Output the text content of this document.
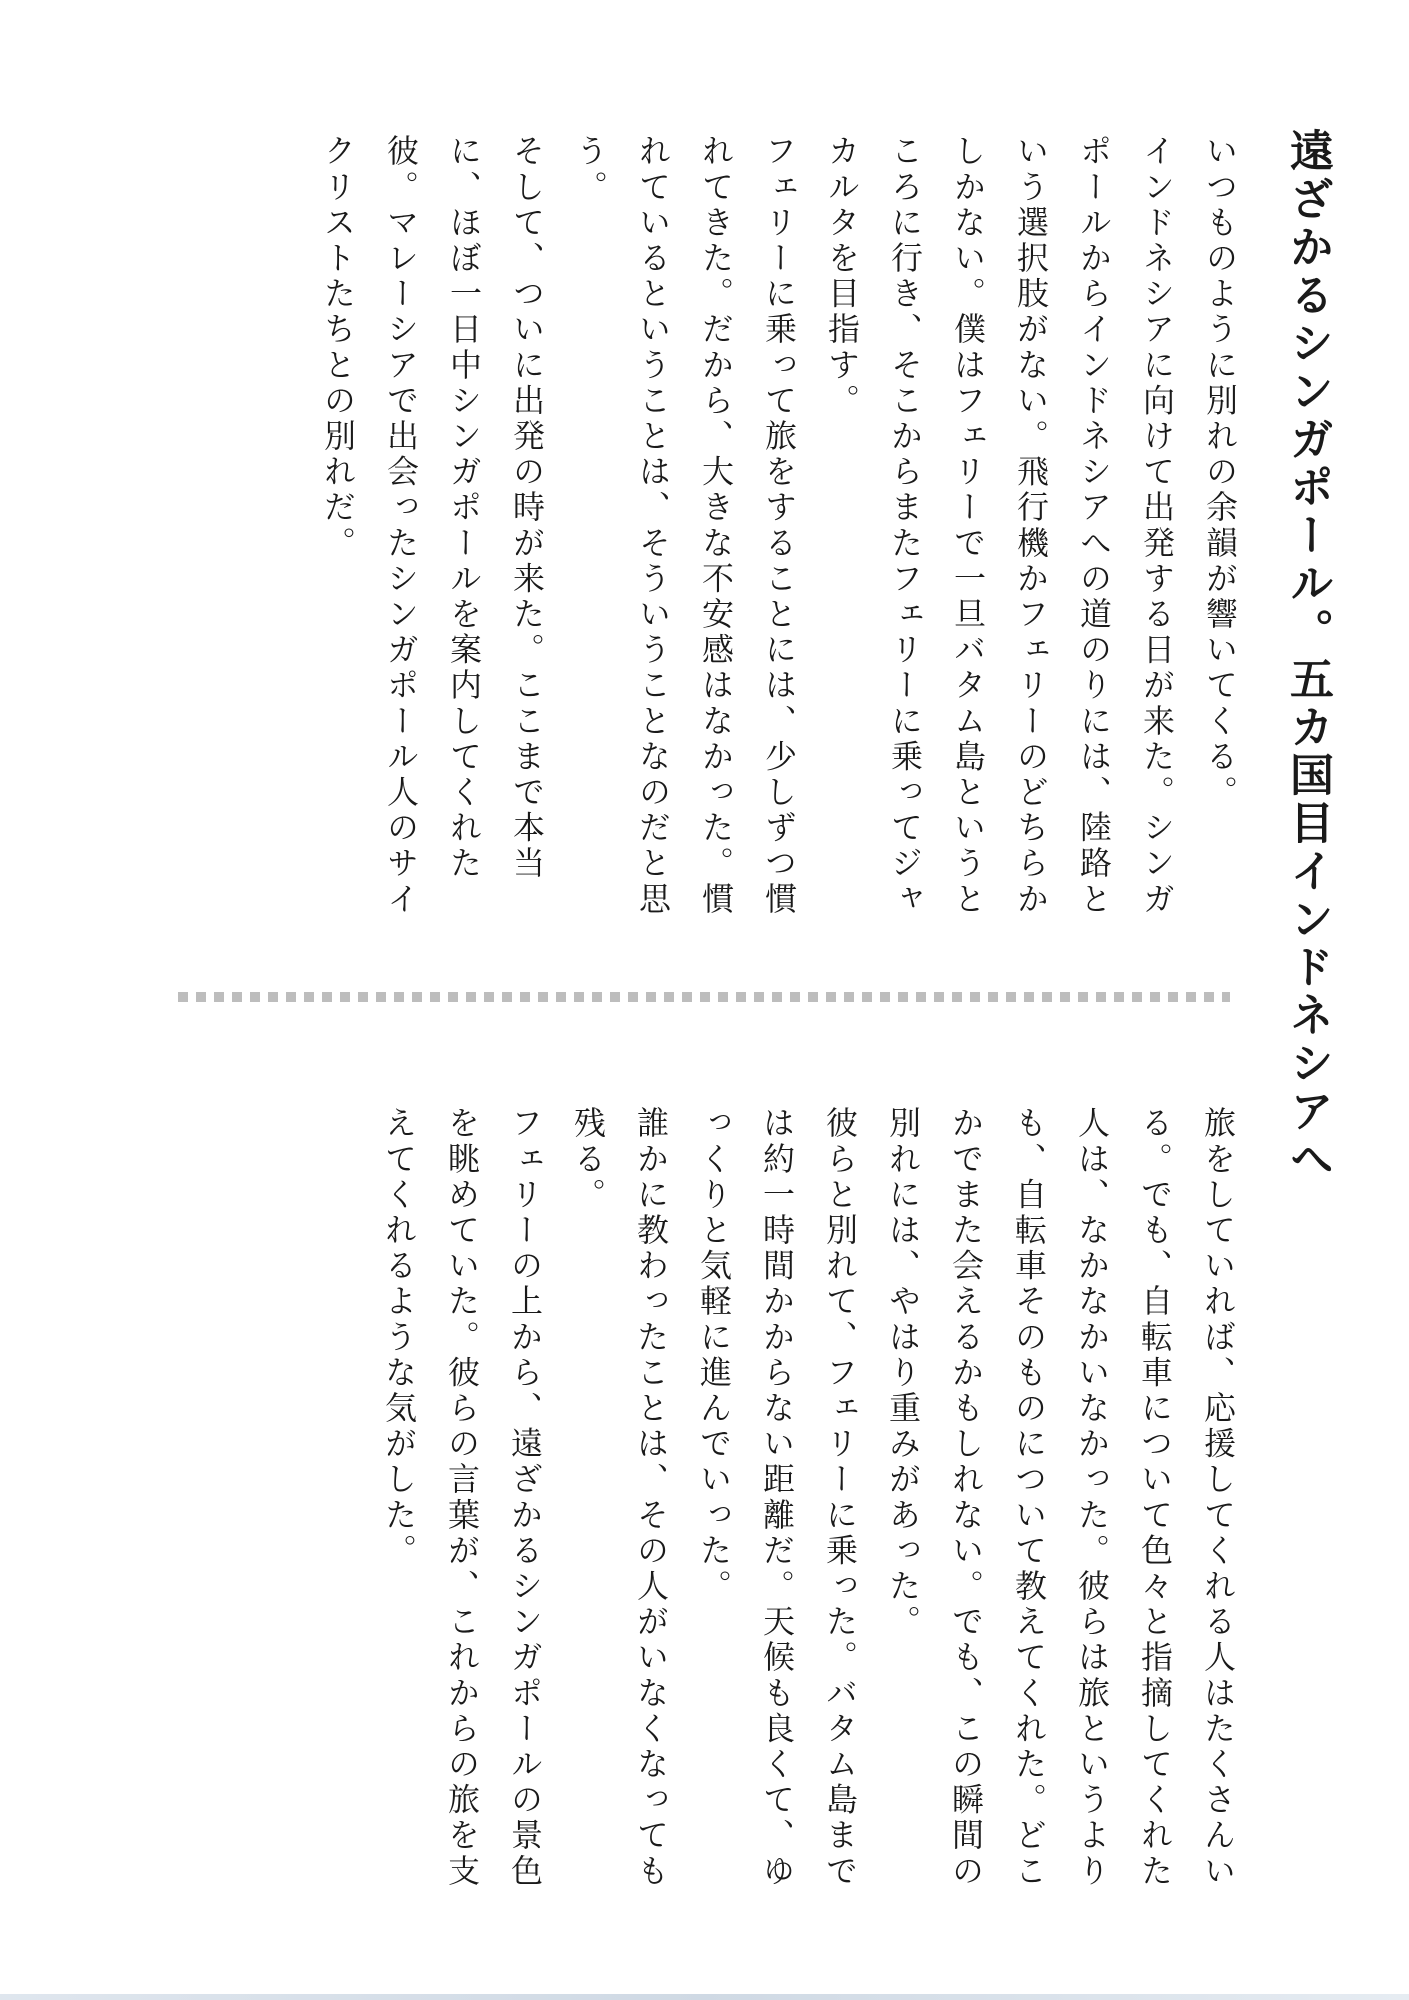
遠ざかるシンガポール。五カ国目インドネシアへ
いつものように別れの余韻が響いてくる。
インドネシアに向けて出発する日が来た。シンガ
ポールからインドネシアへの道のりには、陸路と
いう選択肢がない。飛行機かフェリーのどちらか
しかない。僕はフェリーで一旦バタム島というと
ころに行き、そこからまたフェリーに乗ってジャ
カルタを目指す。
フェリーに乗って旅をすることには、少しずつ慣
れてきた。だから、大きな不安感はなかった。慣
れているということは、そういうことなのだと思
う。
そして、ついに出発の時が来た。ここまで本当
に、ほぼ一日中シンガポールを案内してくれた
彼。マレーシアで出会ったシンガポール人のサイ
クリストたちとの別れだ。
旅をしていれば、応援してくれる人はたくさんい
る。でも、自転車について色々と指摘してくれた
人は、なかなかいなかった。彼らは旅というより
も、自転車そのものについて教えてくれた。どこ
かでまた会えるかもしれない。でも、この瞬間の
別れには、やはり重みがあった。
彼らと別れて、フェリーに乗った。バタム島まで
は約一時間かからない距離だ。天候も良くて、ゆ
っくりと気軽に進んでいった。
誰かに教わったことは、その人がいなくなっても
残る。
フェリーの上から、遠ざかるシンガポールの景色
を眺めていた。彼らの言葉が、これからの旅を支
えてくれるような気がした。
